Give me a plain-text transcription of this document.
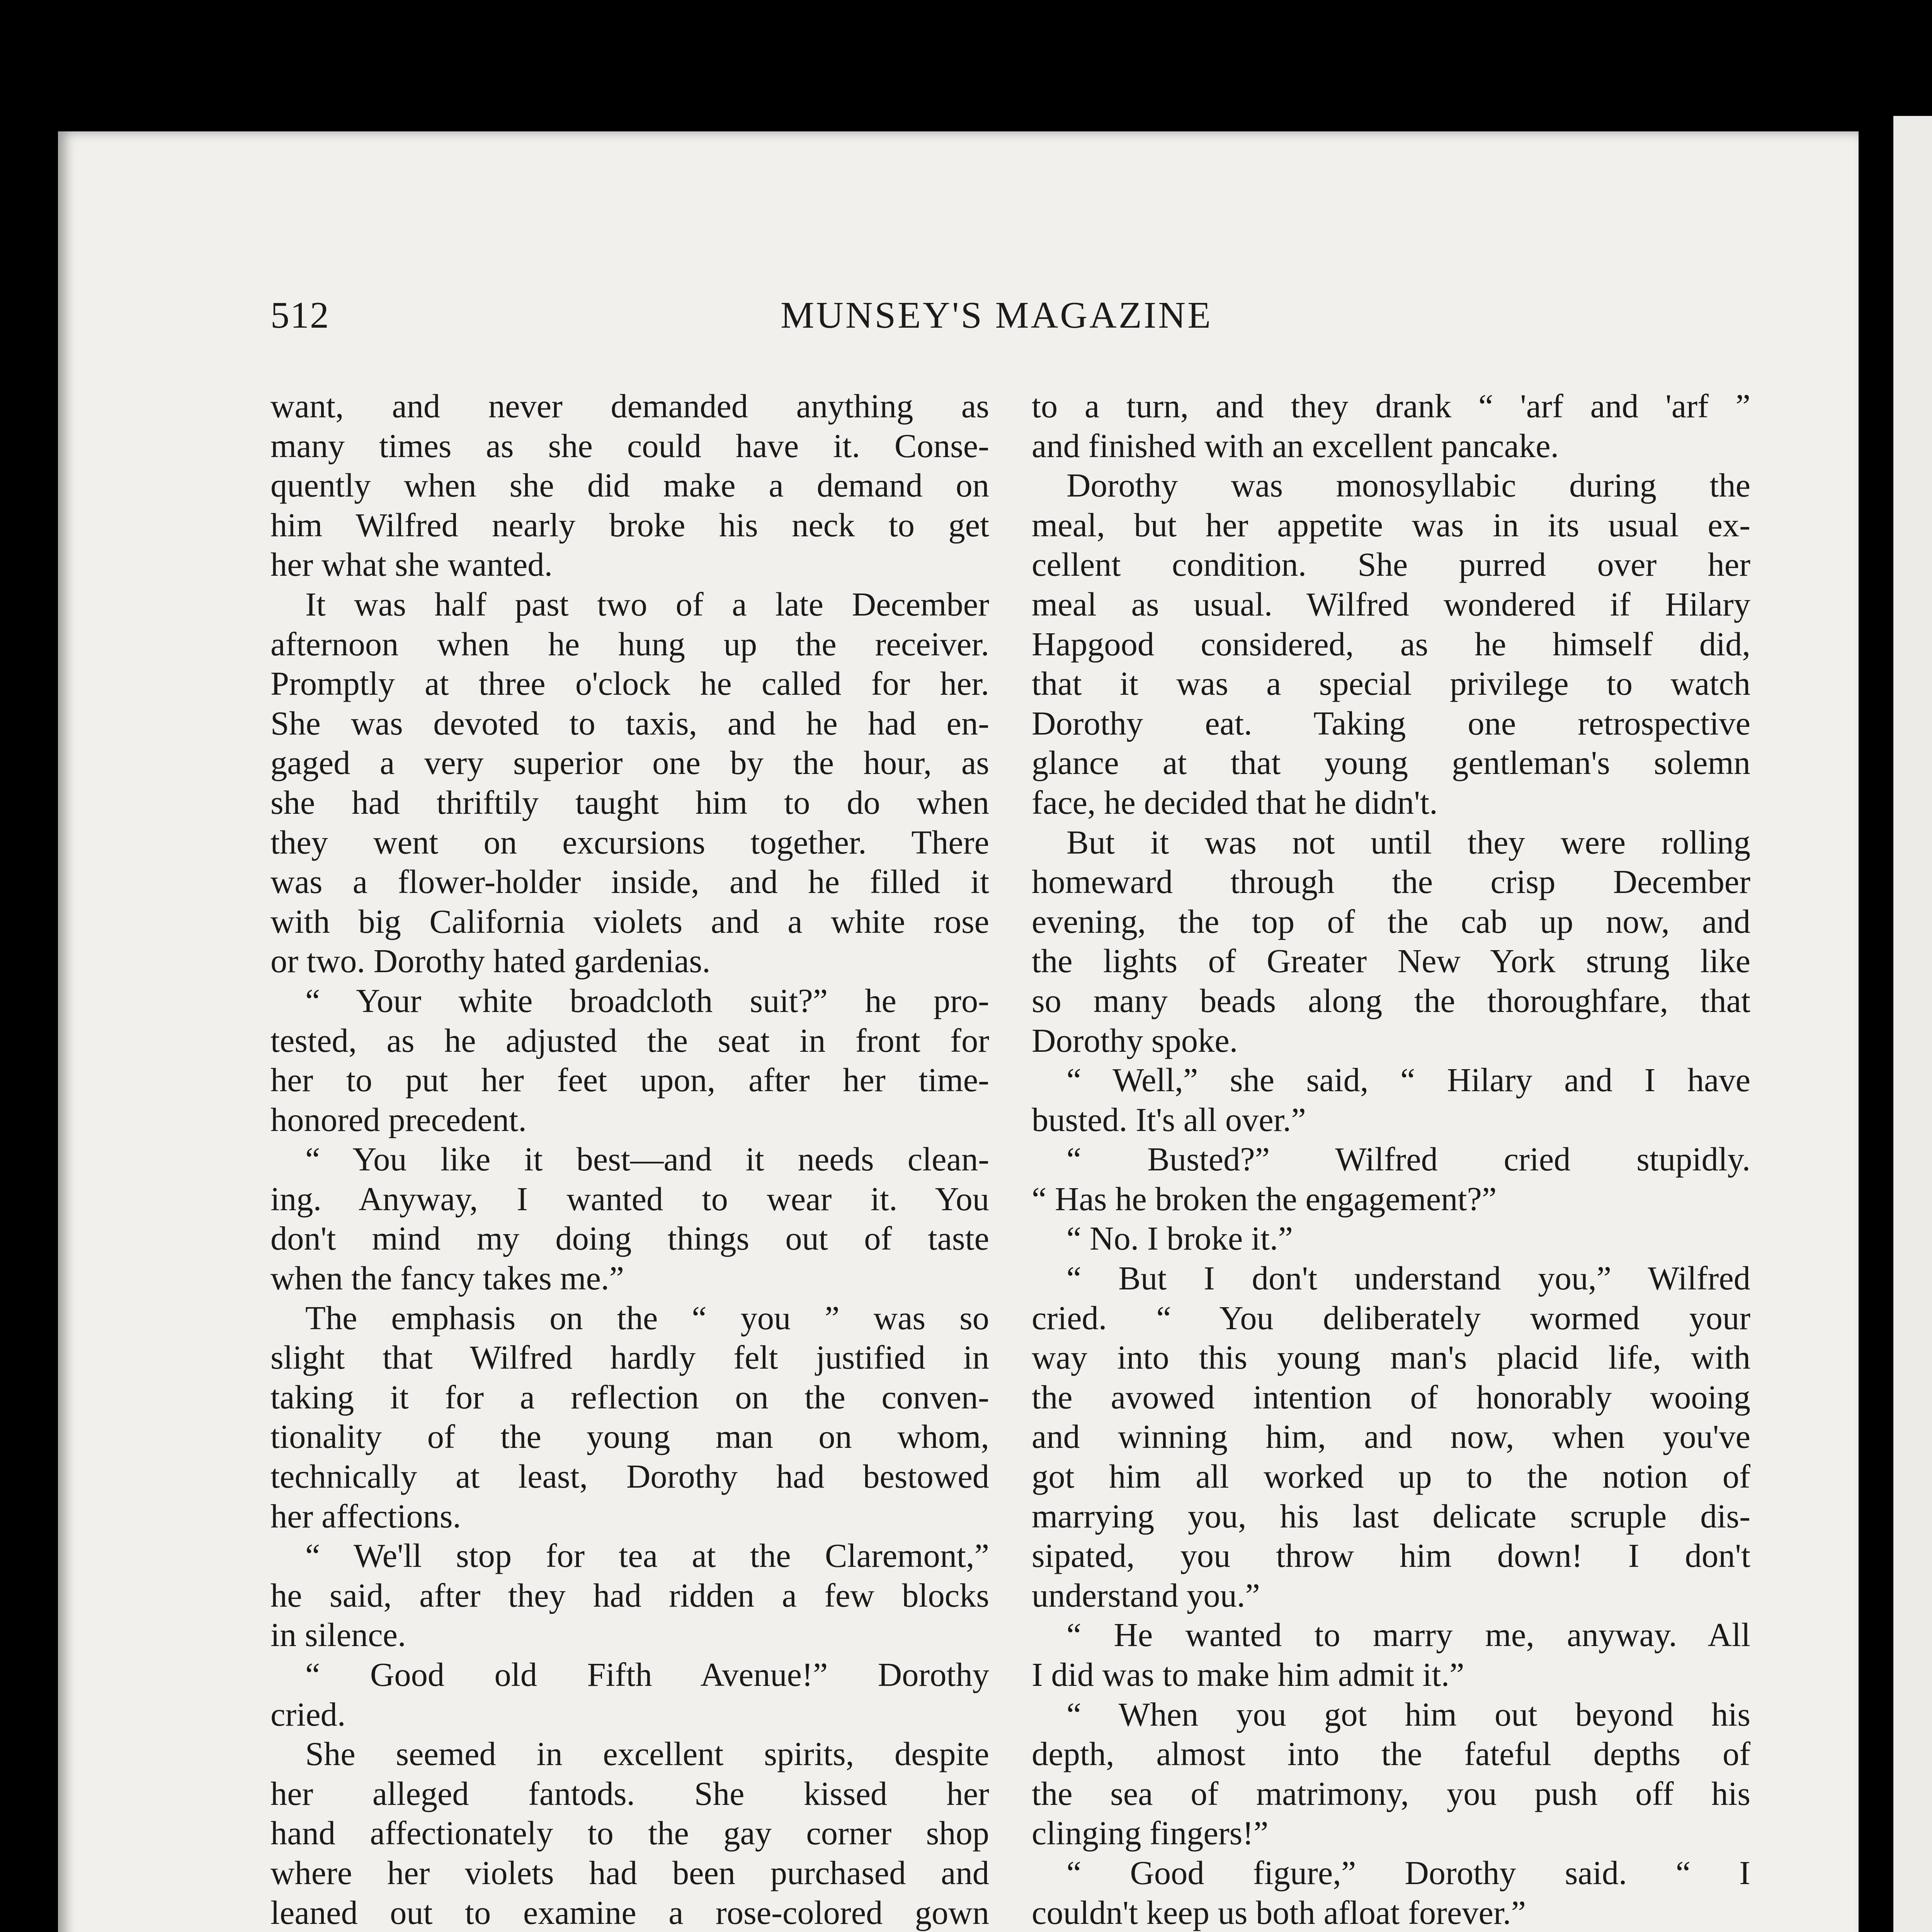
512	MUNSEY'S MAGAZINE
want, and never demanded anything as
many times as she could have it. Conse-
quently when she did make a demand on
him Wilfred nearly broke his neck to get
her what she wanted.
It was half past two of a late December
afternoon when he hung up the receiver.
Promptly at three o'clock he called for her.
She was devoted to taxis, and he had en-
gaged a very superior one by the hour, as
she had thriftily taught him to do when
they went on excursions together. There
was a flower-holder inside, and he filled it
with big California violets and a white rose
or two. Dorothy hated gardenias.
“ Your white broadcloth suit?” he pro-
tested, as he adjusted the seat in front for
her to put her feet upon, after her time-
honored precedent.
“ You like it best—and it needs clean-
ing. Anyway, I wanted to wear it. You
don't mind my doing things out of taste
when the fancy takes me.”
The emphasis on the “ you ” was so
slight that Wilfred hardly felt justified in
taking it for a reflection on the conven-
tionality of the young man on whom,
technically at least, Dorothy had bestowed
her affections.
“ We'll stop for tea at the Claremont,”
he said, after they had ridden a few blocks
in silence.
“ Good old Fifth Avenue!” Dorothy
cried.
She seemed in excellent spirits, despite
her alleged fantods. She kissed her
hand affectionately to the gay corner shop
where her violets had been purchased and
leaned out to examine a rose-colored gown
to a turn, and they drank “ 'arf and 'arf ”
and finished with an excellent pancake.
Dorothy was monosyllabic during the
meal, but her appetite was in its usual ex-
cellent condition. She purred over her
meal as usual. Wilfred wondered if Hilary
Hapgood considered, as he himself did,
that it was a special privilege to watch
Dorothy eat. Taking one retrospective
glance at that young gentleman's solemn
face, he decided that he didn't.
But it was not until they were rolling
homeward through the crisp December
evening, the top of the cab up now, and
the lights of Greater New York strung like
so many beads along the thoroughfare, that
Dorothy spoke.
“ Well,” she said, “ Hilary and I have
busted. It's all over.”
“ Busted?” Wilfred cried stupidly.
“ Has he broken the engagement?”
“ No. I broke it.”
“ But I don't understand you,” Wilfred
cried. “ You deliberately wormed your
way into this young man's placid life, with
the avowed intention of honorably wooing
and winning him, and now, when you've
got him all worked up to the notion of
marrying you, his last delicate scruple dis-
sipated, you throw him down! I don't
understand you.”
“ He wanted to marry me, anyway. All
I did was to make him admit it.”
“ When you got him out beyond his
depth, almost into the fateful depths of
the sea of matrimony, you push off his
clinging fingers!”
“ Good figure,” Dorothy said. “ I
couldn't keep us both afloat forever.”
